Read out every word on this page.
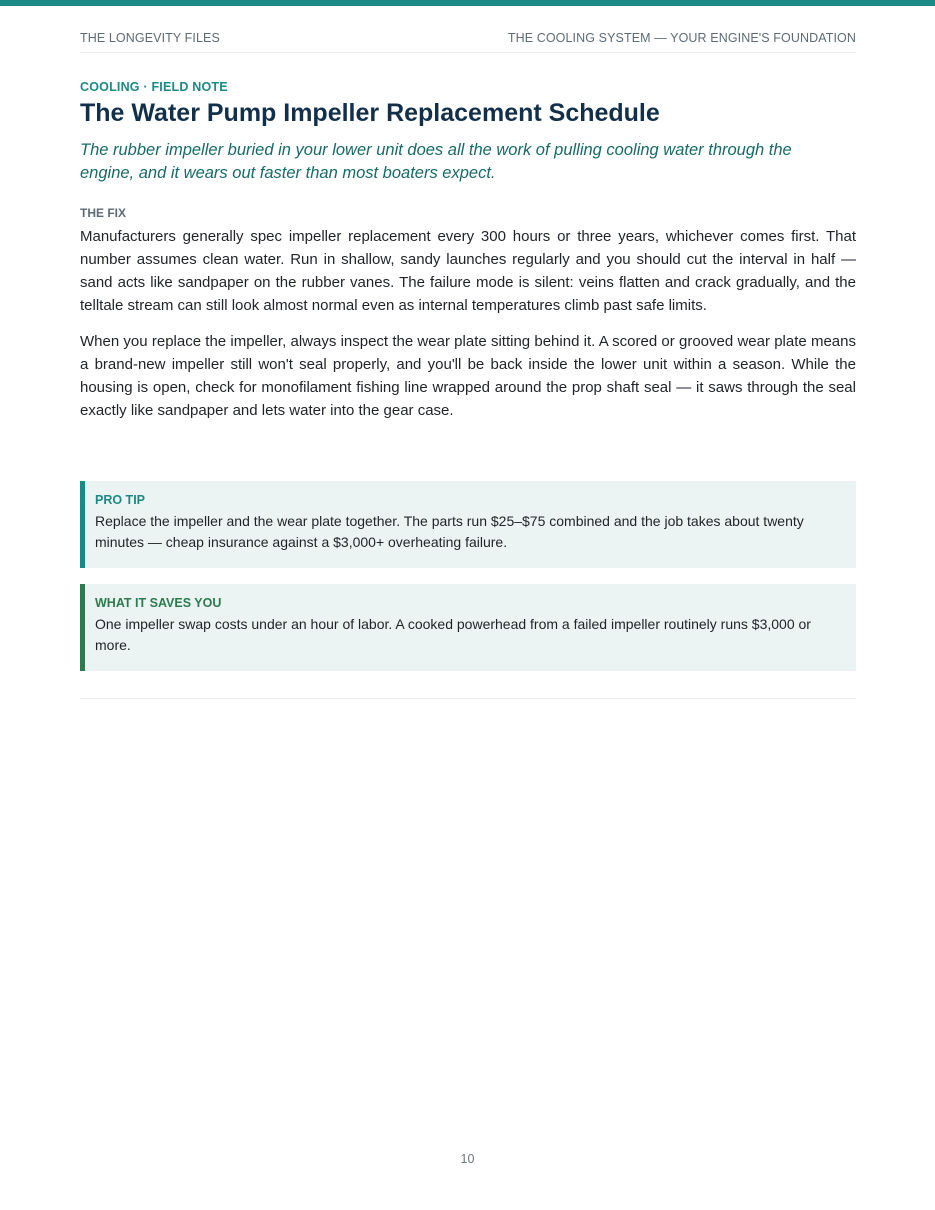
THE LONGEVITY FILES	THE COOLING SYSTEM — YOUR ENGINE'S FOUNDATION
COOLING · FIELD NOTE
The Water Pump Impeller Replacement Schedule

The rubber impeller buried in your lower unit does all the work of pulling cooling water through the engine, and it wears out faster than most boaters expect.

THE FIX

Manufacturers generally spec impeller replacement every 300 hours or three years, whichever comes first. That number assumes clean water. Run in shallow, sandy launches regularly and you should cut the interval in half — sand acts like sandpaper on the rubber vanes. The failure mode is silent: veins flatten and crack gradually, and the telltale stream can still look almost normal even as internal temperatures climb past safe limits.

When you replace the impeller, always inspect the wear plate sitting behind it. A scored or grooved wear plate means a brand-new impeller still won't seal properly, and you'll be back inside the lower unit within a season. While the housing is open, check for monofilament fishing line wrapped around the prop shaft seal — it saws through the seal exactly like sandpaper and lets water into the gear case.

PRO TIP
Replace the impeller and the wear plate together. The parts run $25–$75 combined and the job takes about twenty minutes — cheap insurance against a $3,000+ overheating failure.
WHAT IT SAVES YOU
One impeller swap costs under an hour of labor. A cooked powerhead from a failed impeller routinely runs $3,000 or more.
10
